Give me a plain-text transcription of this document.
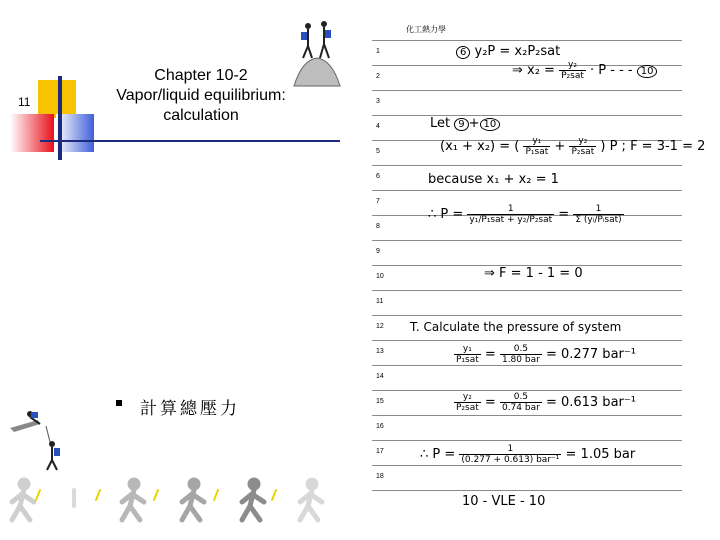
11
Chapter 10-2
Vapor/liquid equilibrium:
calculation
計算總壓力
化工熱力學
1
2
3
4
5
6
7
8
9
10
11
12
13
14
15
16
17
18
6 y₂P = x₂P₂sat
⇒ $x_2 = \frac{\text{y₂}}{\text{P₂sat}} \cdot P$ - - - 10
Let 9 + 10
(x₁ + x₂) = ( $\frac{\text{y₁}}{\text{P₁sat}} + \frac{\text{y₂}}{\text{P₂sat}}$ ) P ; F = 3-1 = 2
because x₁ + x₂ = 1
∴ $P = \frac{1}{\text{y₁/P₁sat + y₂/P₂sat}} = \frac{1}{\text{Σ (yᵢ/Pᵢsat)}}$
⇒ F = 1 - 1 = 0
T. Calculate the pressure of system
$\frac{\text{y₁}}{\text{P₁sat}} = \frac{0.5}{\text{1.80 bar}} = 0.277$ bar⁻¹
$\frac{\text{y₂}}{\text{P₂sat}} = \frac{0.5}{\text{0.74 bar}} = 0.613$ bar⁻¹
∴ $P = \frac{1}{\text{(0.277 + 0.613) bar⁻¹}} = 1.05$ bar
10 - VLE - 10
